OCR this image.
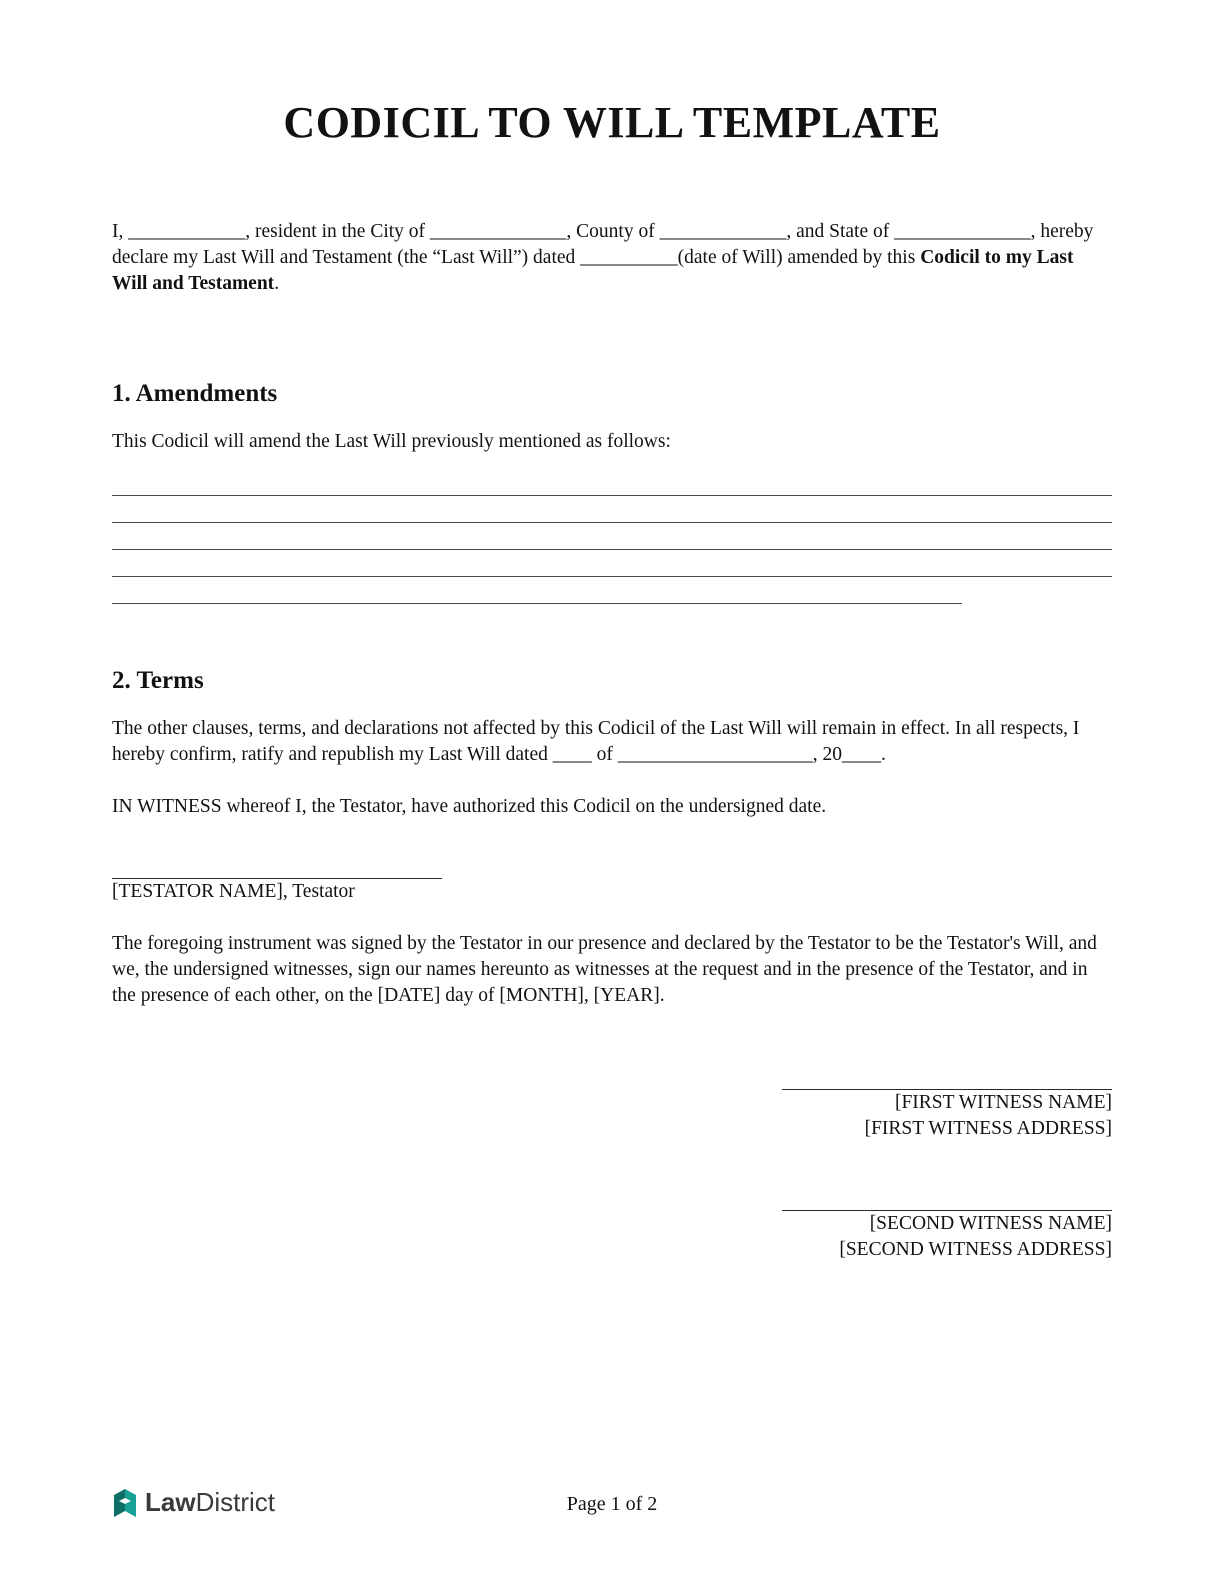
CODICIL TO WILL TEMPLATE
I, ____________, resident in the City of ______________, County of _____________, and State of ______________, hereby declare my Last Will and Testament (the “Last Will”) dated __________(date of Will) amended by this Codicil to my Last Will and Testament.
1. Amendments
This Codicil will amend the Last Will previously mentioned as follows:
2. Terms
The other clauses, terms, and declarations not affected by this Codicil of the Last Will will remain in effect. In all respects, I hereby confirm, ratify and republish my Last Will dated ____ of ____________________, 20____.
IN WITNESS whereof I, the Testator, have authorized this Codicil on the undersigned date.
[TESTATOR NAME], Testator
The foregoing instrument was signed by the Testator in our presence and declared by the Testator to be the Testator's Will, and we, the undersigned witnesses, sign our names hereunto as witnesses at the request and in the presence of the Testator, and in the presence of each other, on the [DATE] day of [MONTH], [YEAR].
[FIRST WITNESS NAME]
[FIRST WITNESS ADDRESS]
[SECOND WITNESS NAME]
[SECOND WITNESS ADDRESS]
LawDistrict	Page 1 of 2
